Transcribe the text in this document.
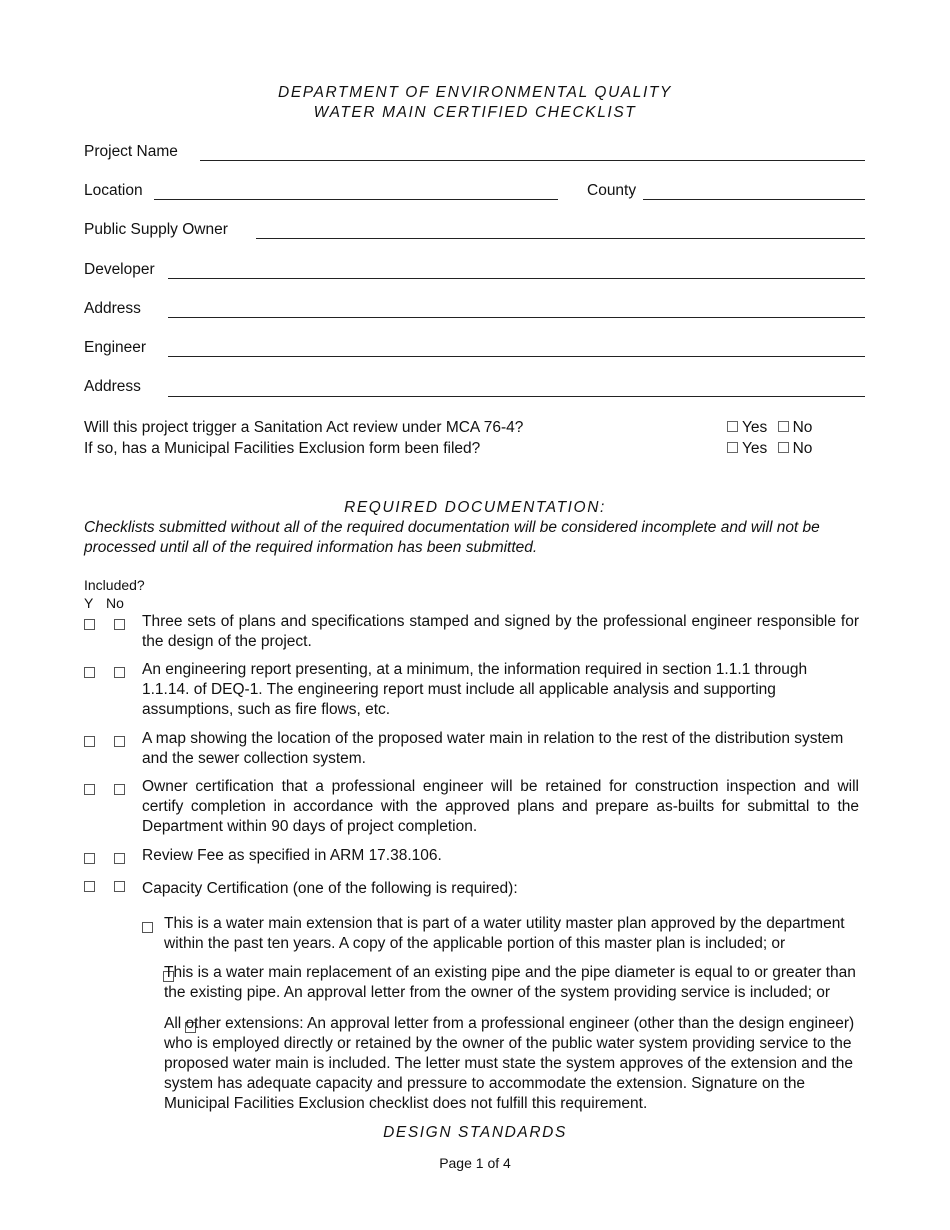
DEPARTMENT OF ENVIRONMENTAL QUALITY
WATER MAIN CERTIFIED CHECKLIST
Project Name
Location	County
Public Supply Owner
Developer
Address
Engineer
Address
Will this project trigger a Sanitation Act review under MCA 76-4?	Yes No
If so, has a Municipal Facilities Exclusion form been filed?	Yes No
REQUIRED DOCUMENTATION:
Checklists submitted without all of the required documentation will be considered incomplete and will not be processed until all of the required information has been submitted.
Included?
Y No
Three sets of plans and specifications stamped and signed by the professional engineer responsible for the design of the project.
An engineering report presenting, at a minimum, the information required in section 1.1.1 through 1.1.14. of DEQ-1. The engineering report must include all applicable analysis and supporting assumptions, such as fire flows, etc.
A map showing the location of the proposed water main in relation to the rest of the distribution system and the sewer collection system.
Owner certification that a professional engineer will be retained for construction inspection and will certify completion in accordance with the approved plans and prepare as-builts for submittal to the Department within 90 days of project completion.
Review Fee as specified in ARM 17.38.106.
Capacity Certification (one of the following is required):

This is a water main extension that is part of a water utility master plan approved by the department within the past ten years. A copy of the applicable portion of this master plan is included; or

This is a water main replacement of an existing pipe and the pipe diameter is equal to or greater than the existing pipe. An approval letter from the owner of the system providing service is included; or
All other extensions: An approval letter from a professional engineer (other than the design engineer) who is employed directly or retained by the owner of the public water system providing service to the proposed water main is included. The letter must state the system approves of the extension and the system has adequate capacity and pressure to accommodate the extension. Signature on the Municipal Facilities Exclusion checklist does not fulfill this requirement.
DESIGN STANDARDS
Page 1 of 4
